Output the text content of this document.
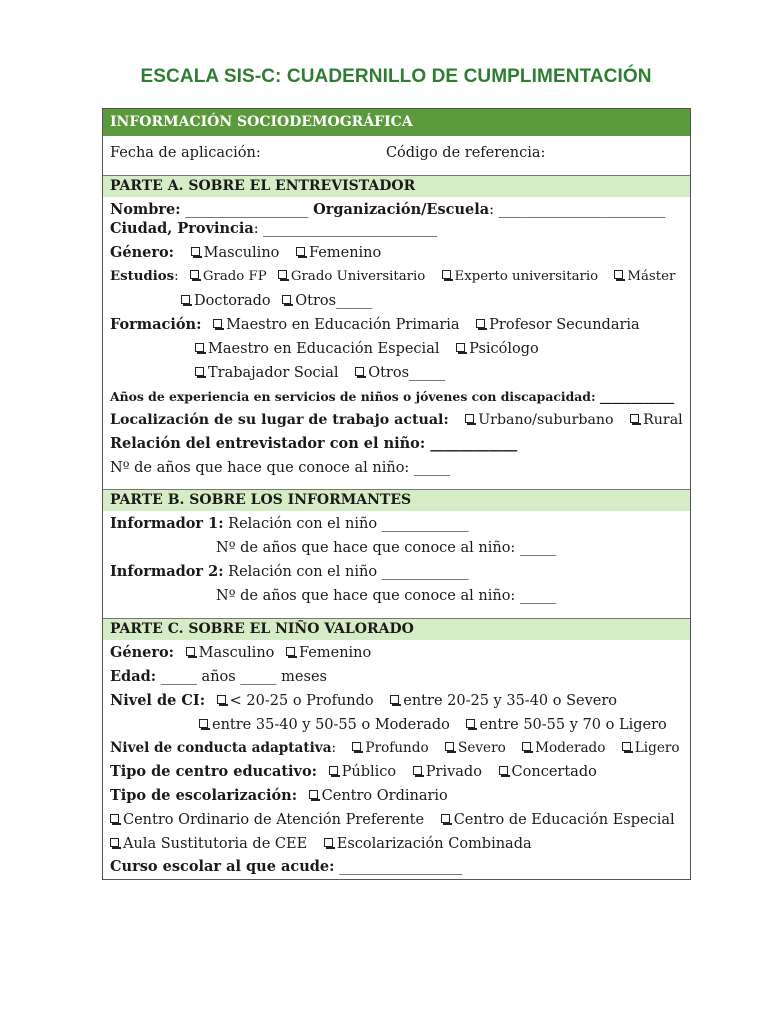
ESCALA SIS-C: CUADERNILLO DE CUMPLIMENTACIÓN
INFORMACIÓN SOCIODEMOGRÁFICA
Fecha de aplicación:	Código de referencia:
PARTE A. SOBRE EL ENTREVISTADOR
Nombre: _________________ Organización/Escuela: _______________________
Ciudad, Provincia: ________________________
Género: Masculino Femenino
Estudios: Grado FP Grado Universitario Experto universitario Máster
Doctorado Otros_____
Formación: Maestro en Educación Primaria Profesor Secundaria
Maestro en Educación Especial Psicólogo
Trabajador Social Otros_____
Años de experiencia en servicios de niños o jóvenes con discapacidad: ____________
Localización de su lugar de trabajo actual: Urbano/suburbano Rural
Relación del entrevistador con el niño: ____________
Nº de años que hace que conoce al niño: _____
PARTE B. SOBRE LOS INFORMANTES
Informador 1: Relación con el niño ____________
Nº de años que hace que conoce al niño: _____
Informador 2: Relación con el niño ____________
Nº de años que hace que conoce al niño: _____
PARTE C. SOBRE EL NIÑO VALORADO
Género: Masculino Femenino
Edad: _____ años _____ meses
Nivel de CI: < 20-25 o Profundo entre 20-25 y 35-40 o Severo
entre 35-40 y 50-55 o Moderado entre 50-55 y 70 o Ligero
Nivel de conducta adaptativa: Profundo Severo Moderado Ligero
Tipo de centro educativo: Público Privado Concertado
Tipo de escolarización: Centro Ordinario
Centro Ordinario de Atención Preferente Centro de Educación Especial
Aula Sustitutoria de CEE Escolarización Combinada
Curso escolar al que acude: _________________
